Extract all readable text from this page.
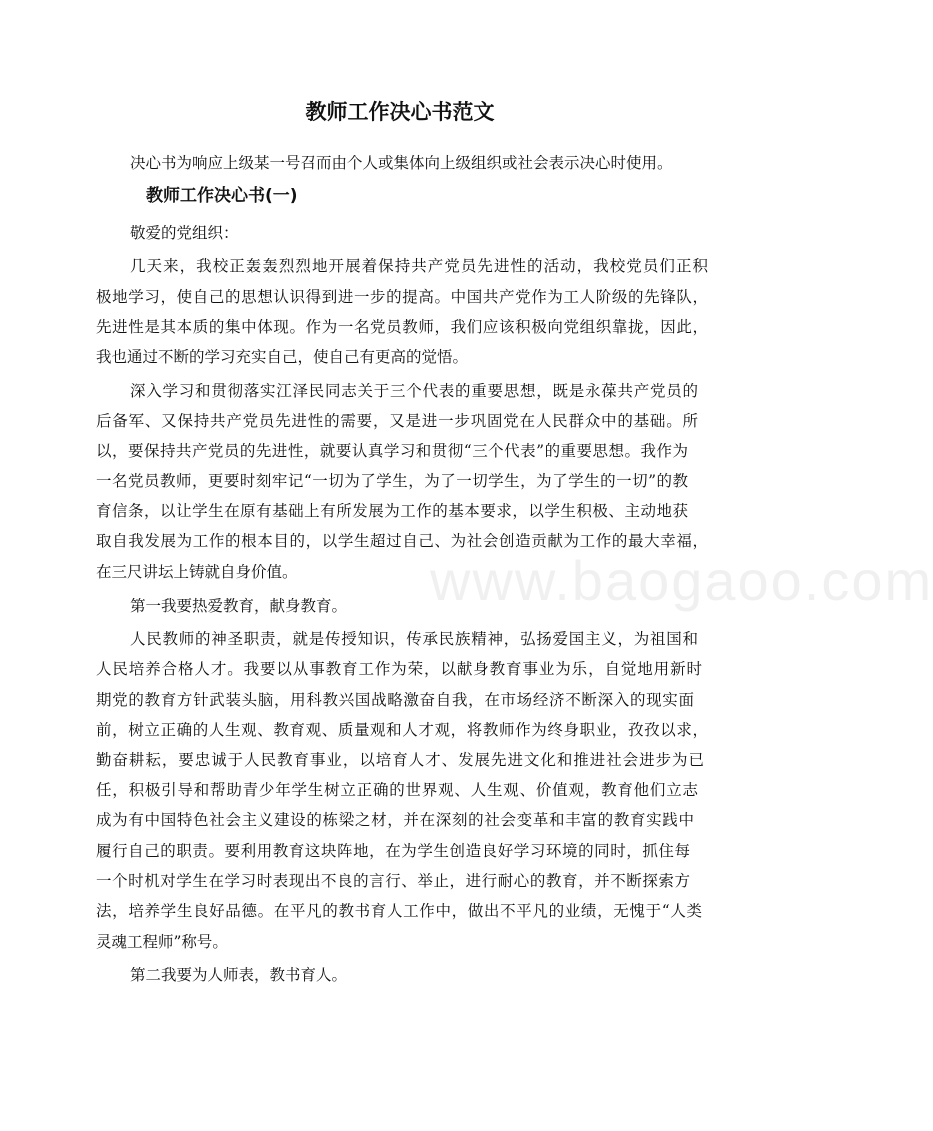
www.baogaoo.com
教师工作决心书范文
决心书为响应上级某一号召而由个人或集体向上级组织或社会表示决心时使用。
教师工作决心书(一)
敬爱的党组织：
几天来，我校正轰轰烈烈地开展着保持共产党员先进性的活动，我校党员们正积
极地学习，使自己的思想认识得到进一步的提高。中国共产党作为工人阶级的先锋队，
先进性是其本质的集中体现。作为一名党员教师，我们应该积极向党组织靠拢，因此，
我也通过不断的学习充实自己，使自己有更高的觉悟。
深入学习和贯彻落实江泽民同志关于三个代表的重要思想，既是永葆共产党员的
后备军、又保持共产党员先进性的需要，又是进一步巩固党在人民群众中的基础。所
以，要保持共产党员的先进性，就要认真学习和贯彻“三个代表”的重要思想。我作为
一名党员教师，更要时刻牢记“一切为了学生，为了一切学生，为了学生的一切”的教
育信条，以让学生在原有基础上有所发展为工作的基本要求，以学生积极、主动地获
取自我发展为工作的根本目的，以学生超过自己、为社会创造贡献为工作的最大幸福，
在三尺讲坛上铸就自身价值。
第一我要热爱教育，献身教育。
人民教师的神圣职责，就是传授知识，传承民族精神，弘扬爱国主义，为祖国和
人民培养合格人才。我要以从事教育工作为荣，以献身教育事业为乐，自觉地用新时
期党的教育方针武装头脑，用科教兴国战略激奋自我，在市场经济不断深入的现实面
前，树立正确的人生观、教育观、质量观和人才观，将教师作为终身职业，孜孜以求，
勤奋耕耘，要忠诚于人民教育事业，以培育人才、发展先进文化和推进社会进步为已
任，积极引导和帮助青少年学生树立正确的世界观、人生观、价值观，教育他们立志
成为有中国特色社会主义建设的栋梁之材，并在深刻的社会变革和丰富的教育实践中
履行自己的职责。要利用教育这块阵地，在为学生创造良好学习环境的同时，抓住每
一个时机对学生在学习时表现出不良的言行、举止，进行耐心的教育，并不断探索方
法，培养学生良好品德。在平凡的教书育人工作中，做出不平凡的业绩，无愧于“人类
灵魂工程师”称号。
第二我要为人师表，教书育人。
